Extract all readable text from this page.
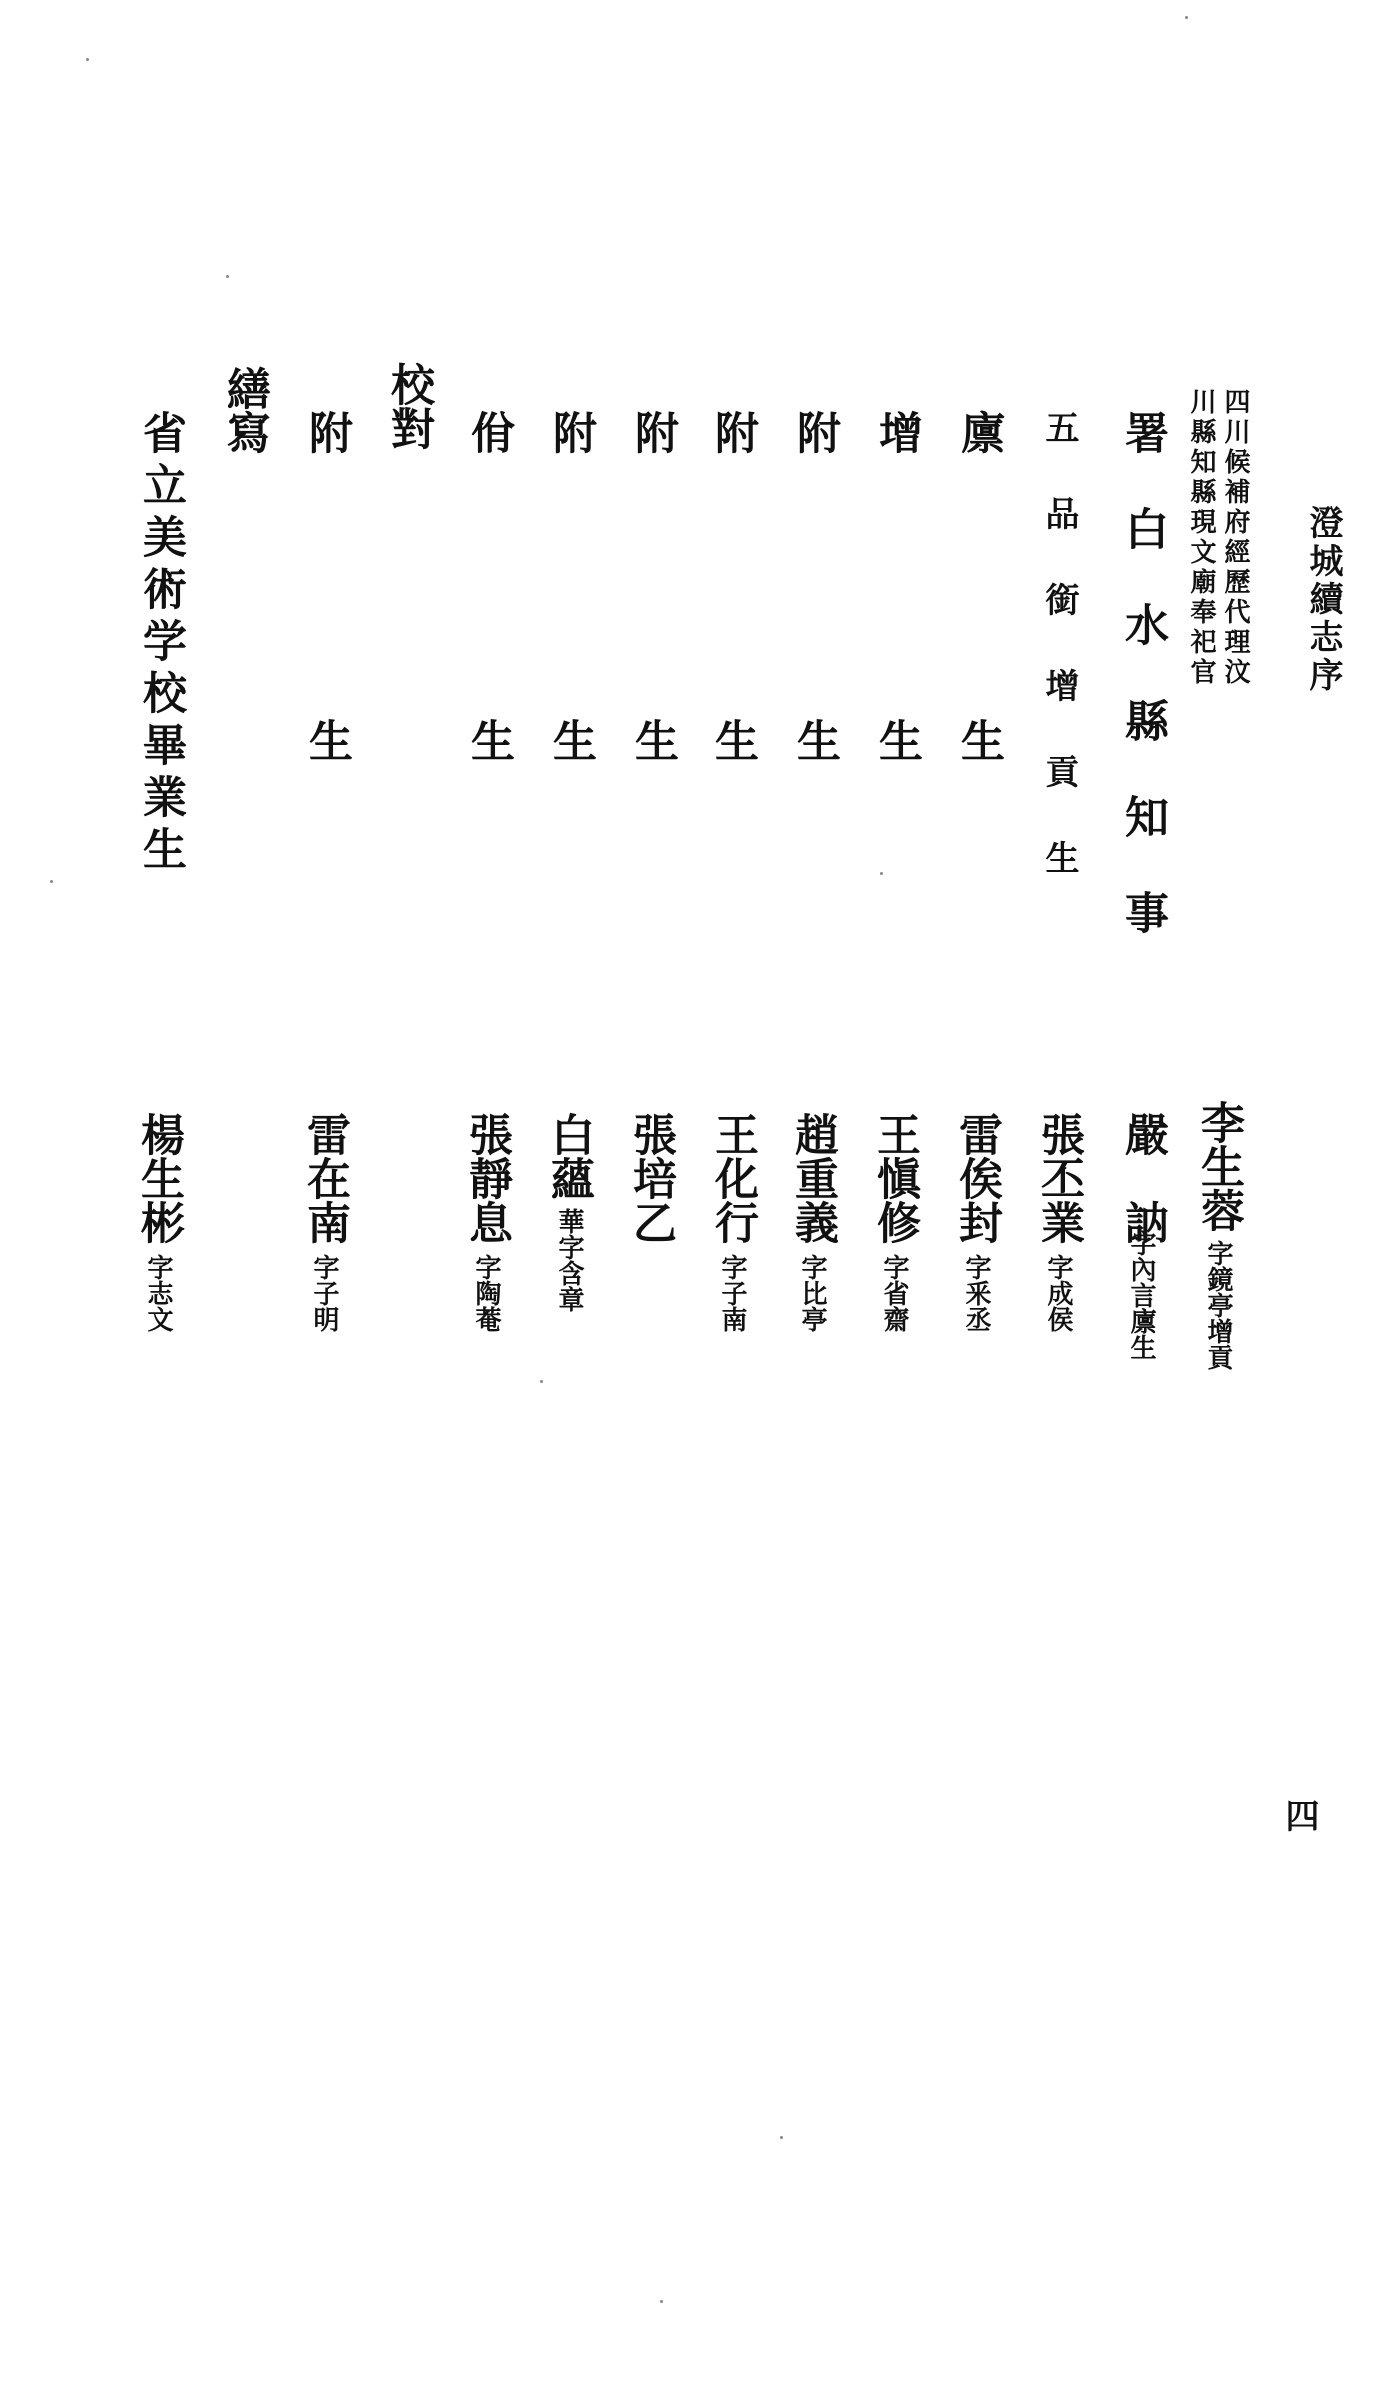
澄城續志序
四川候補府經歷代理汶
川縣知縣現文廟奉祀官
李生蓉
字鏡亭增貢
署白水縣知事
嚴　訥
字內言廪生
五品銜增貢生
張丕業
字成侯
廪　　　　　　生
雷俟封
字釆丞
增　　　　　　生
王愼修
字省齋
附　　　　　　生
趙重義
字比亭
附　　　　　　生
王化行
字子南
附　　　　　　生
張培乙
附　　　　　　生
白蘊
華字含章
佾　　　　　　生
張靜息
字陶菴
校對
附　　　　　　生
雷在南
字子明
繕寫
省立美術学校畢業生
楊生彬
字志文
四
